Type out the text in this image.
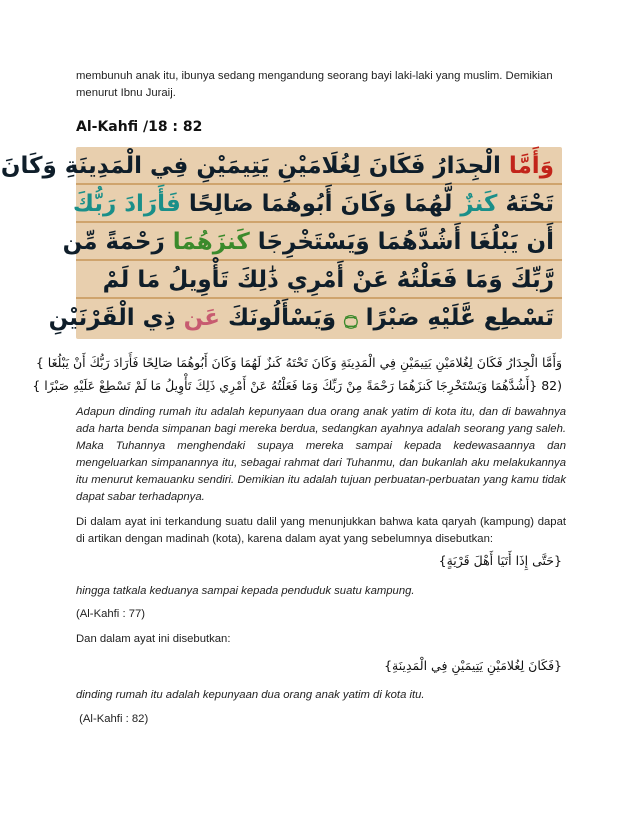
membunuh anak itu, ibunya sedang mengandung seorang bayi laki-laki yang muslim. Demikian menurut Ibnu Juraij.

Al-Kahfi /18 : 82
وَأَمَّا الْجِدَارُ فَكَانَ لِغُلَامَيْنِ يَتِيمَيْنِ فِي الْمَدِينَةِ وَكَانَ
تَحْتَهُ كَنزٌ لَّهُمَا وَكَانَ أَبُوهُمَا صَالِحًا فَأَرَادَ رَبُّكَ
أَن يَبْلُغَا أَشُدَّهُمَا وَيَسْتَخْرِجَا كَنزَهُمَا رَحْمَةً مِّن
رَّبِّكَ وَمَا فَعَلْتُهُ عَنْ أَمْرِي ذَٰلِكَ تَأْوِيلُ مَا لَمْ
تَسْطِع عَّلَيْهِ صَبْرًا ۝ وَيَسْأَلُونَكَ عَن ذِي الْقَرْنَيْنِ
وَأَمَّا الْجِدَارُ فَكَانَ لِغُلامَيْنِ يَتِيمَيْنِ فِي الْمَدِينَةِ وَكَانَ تَحْتَهُ كَنزٌ لَهُمَا وَكَانَ أَبُوهُمَا صَالِحًا فَأَرَادَ رَبُّكَ أَنْ يَبْلُغَا }
(82 {أَشُدَّهُمَا وَيَسْتَخْرِجَا كَنزَهُمَا رَحْمَةً مِنْ رَبِّكَ وَمَا فَعَلْتُهُ عَنْ أَمْرِي ذَلِكَ تَأْوِيلُ مَا لَمْ تَسْطِعْ عَلَيْهِ صَبْرًا }

Adapun dinding rumah itu adalah kepunyaan dua orang anak yatim di kota itu, dan di bawahnya ada harta benda simpanan bagi mereka berdua, sedangkan ayahnya adalah seorang yang saleh. Maka Tuhannya menghendaki supaya mereka sampai kepada kedewasaannya dan mengeluarkan simpanannya itu, sebagai rahmat dari Tuhanmu, dan bukanlah aku melakukannya itu menurut kemauanku sendiri. Demikian itu adalah tujuan perbuatan-perbuatan yang kamu tidak dapat sabar terhadapnya.

Di dalam ayat ini terkandung suatu dalil yang menunjukkan bahwa kata qaryah (kampung) dapat di artikan dengan madinah (kota), karena dalam ayat yang sebelumnya disebutkan:

{حَتَّى إِذَا أَتَيَا أَهْلَ قَرْيَةٍ}

hingga tatkala keduanya sampai kepada penduduk suatu kampung.

(Al-Kahfi : 77)

Dan dalam ayat ini disebutkan:

{فَكَانَ لِغُلامَيْنِ يَتِيمَيْنِ فِي الْمَدِينَةِ}

dinding rumah itu adalah kepunyaan dua orang anak yatim di kota itu.

(Al-Kahfi : 82)
